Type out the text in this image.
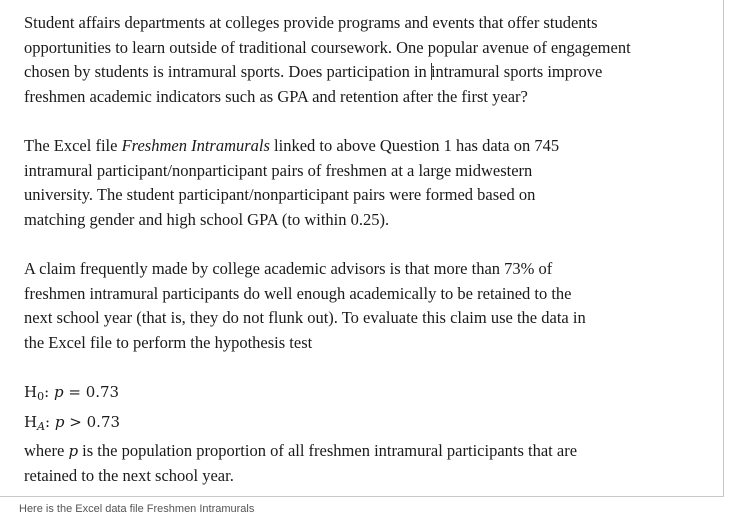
Student affairs departments at colleges provide programs and events that offer students
opportunities to learn outside of traditional coursework. One popular avenue of engagement
chosen by students is intramural sports. Does participation in intramural sports improve
freshmen academic indicators such as GPA and retention after the first year?

The Excel file Freshmen Intramurals linked to above Question 1 has data on 745
intramural participant/nonparticipant pairs of freshmen at a large midwestern
university. The student participant/nonparticipant pairs were formed based on
matching gender and high school GPA (to within 0.25).

A claim frequently made by college academic advisors is that more than 73% of
freshmen intramural participants do well enough academically to be retained to the
next school year (that is, they do not flunk out). To evaluate this claim use the data in
the Excel file to perform the hypothesis test

$H_0$: p = 0.73
$H_A$: p > 0.73
where p is the population proportion of all freshmen intramural participants that are
retained to the next school year.

Here is the Excel data file Freshmen Intramurals
